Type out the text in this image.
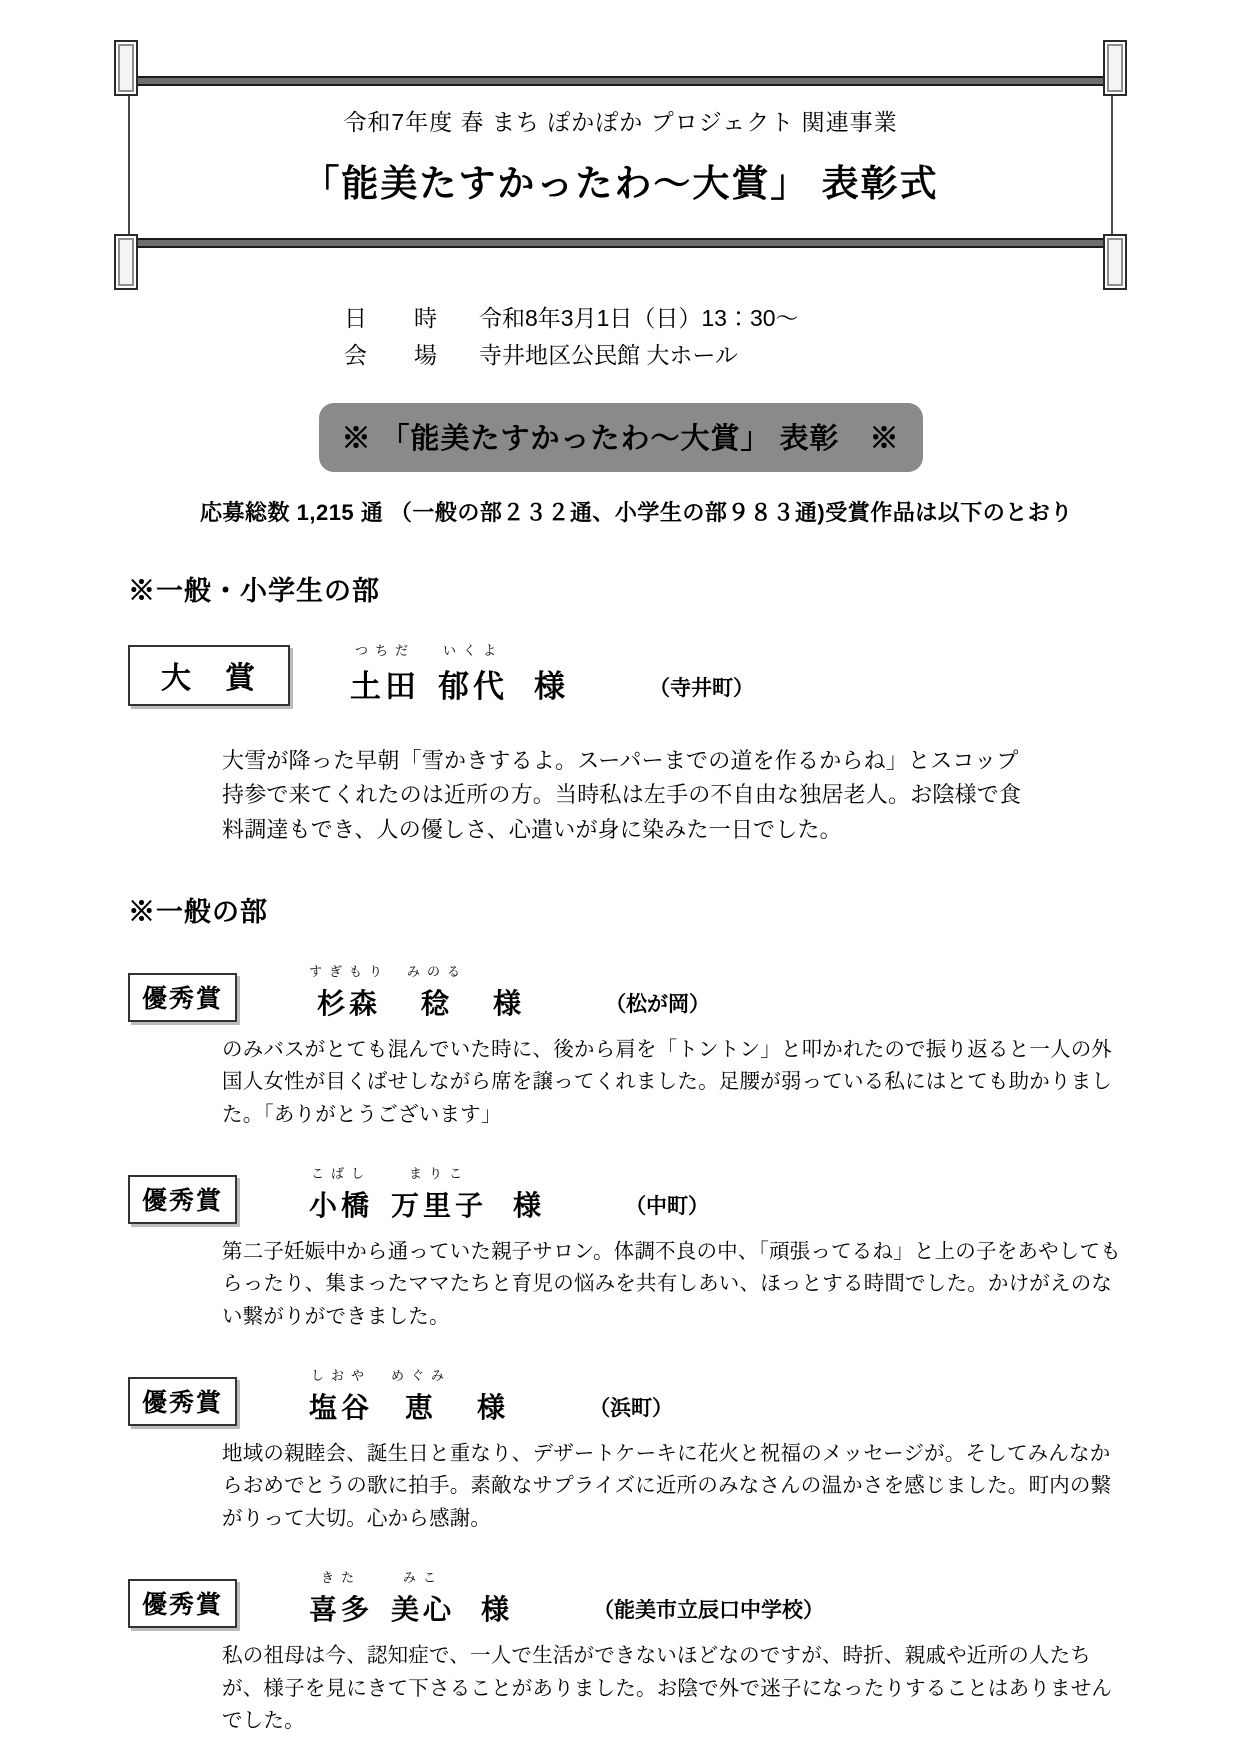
令和7年度 春 まち ぽかぽか プロジェクト 関連事業
「能美たすかったわ～大賞」 表彰式
日　時 令和8年3月1日（日）13：30～
会　場 寺井地区公民館 大ホール
※ 「能美たすかったわ～大賞」 表彰　※
応募総数 1,215 通 （一般の部２３２通、小学生の部９８３通)受賞作品は以下のとおり
※一般・小学生の部
大　賞
つちだ
土田
いくよ
郁代 様	（寺井町）

大雪が降った早朝「雪かきするよ。スーパーまでの道を作るからね」とスコップ持参で来てくれたのは近所の方。当時私は左手の不自由な独居老人。お陰様で食料調達もでき、人の優しさ、心遣いが身に染みた一日でした。

※一般の部
優秀賞
すぎもり
杉森
みのる
稔 様	（松が岡）

のみバスがとても混んでいた時に、後から肩を「トントン」と叩かれたので振り返ると一人の外国人女性が目くばせしながら席を譲ってくれました。足腰が弱っている私にはとても助かりました。「ありがとうございます」

優秀賞
こばし
小橋
まりこ
万里子 様	（中町）

第二子妊娠中から通っていた親子サロン。体調不良の中、「頑張ってるね」と上の子をあやしてもらったり、集まったママたちと育児の悩みを共有しあい、ほっとする時間でした。かけがえのない繋がりができました。

優秀賞
しおや
塩谷
めぐみ
恵 様	（浜町）

地域の親睦会、誕生日と重なり、デザートケーキに花火と祝福のメッセージが。そしてみんなからおめでとうの歌に拍手。素敵なサプライズに近所のみなさんの温かさを感じました。町内の繋がりって大切。心から感謝。

優秀賞
きた
喜多
みこ
美心 様	（能美市立辰口中学校）

私の祖母は今、認知症で、一人で生活ができないほどなのですが、時折、親戚や近所の人たちが、様子を見にきて下さることがありました。お陰で外で迷子になったりすることはありませんでした。
